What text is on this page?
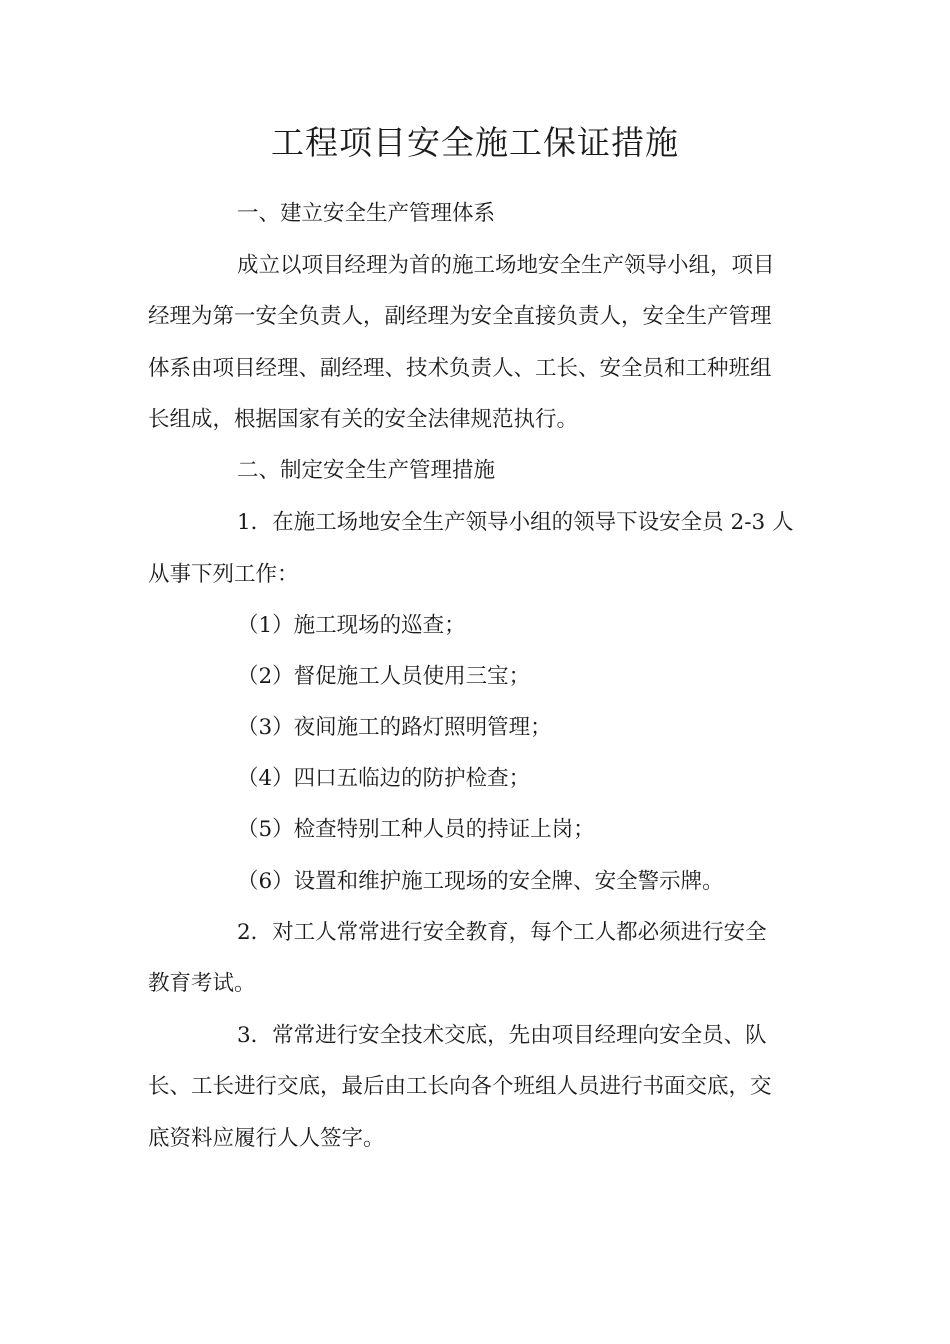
工程项目安全施工保证措施

一、建立安全生产管理体系

成立以项目经理为首的施工场地安全生产领导小组，项目

经理为第一安全负责人，副经理为安全直接负责人，安全生产管理

体系由项目经理、副经理、技术负责人、工长、安全员和工种班组

长组成，根据国家有关的安全法律规范执行。

二、制定安全生产管理措施

1．在施工场地安全生产领导小组的领导下设安全员 2-3 人

从事下列工作：

（1）施工现场的巡查；

（2）督促施工人员使用三宝；

（3）夜间施工的路灯照明管理；

（4）四口五临边的防护检查；

（5）检查特别工种人员的持证上岗；

（6）设置和维护施工现场的安全牌、安全警示牌。

2．对工人常常进行安全教育，每个工人都必须进行安全

教育考试。

3．常常进行安全技术交底，先由项目经理向安全员、队

长、工长进行交底，最后由工长向各个班组人员进行书面交底，交

底资料应履行人人签字。
